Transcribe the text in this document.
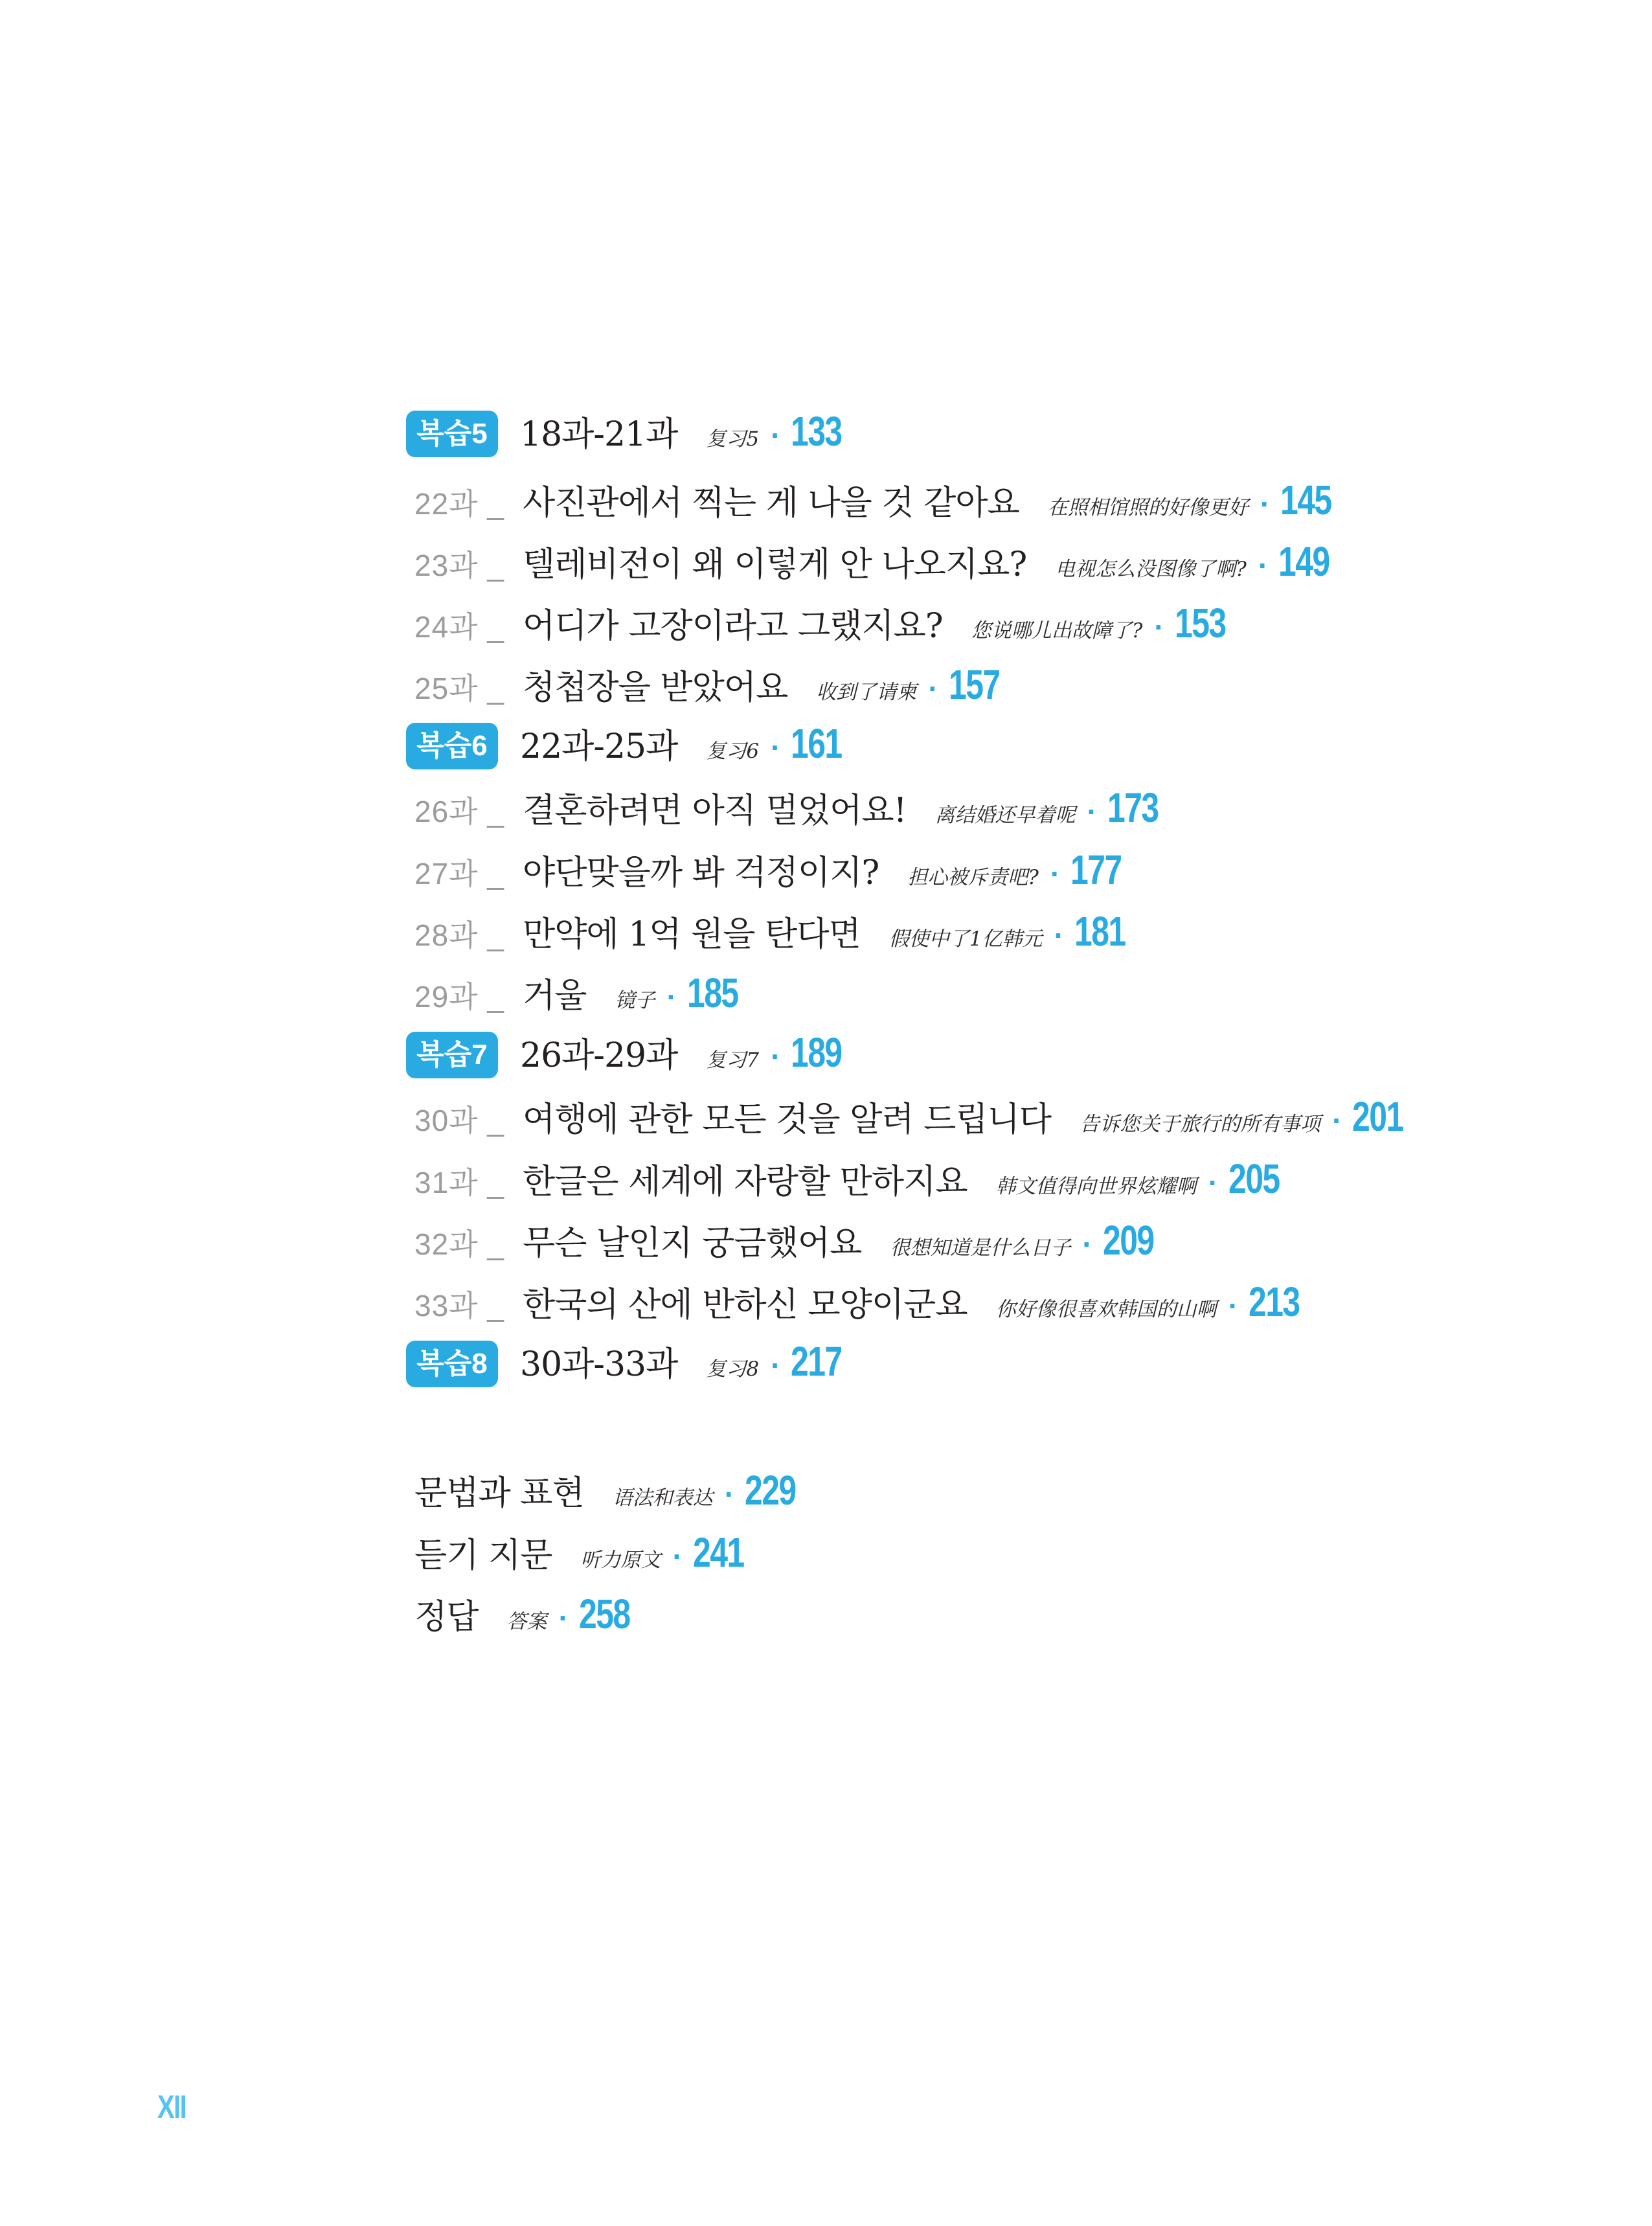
복습5 18과-21과 复习5 · 133
22과 _ 사진관에서 찍는 게 나을 것 같아요 在照相馆照的好像更好 · 145
23과 _ 텔레비전이 왜 이렇게 안 나오지요? 电视怎么没图像了啊? · 149
24과 _ 어디가 고장이라고 그랬지요? 您说哪儿出故障了? · 153
25과 _ 청첩장을 받았어요 收到了请柬 · 157
복습6 22과-25과 复习6 · 161
26과 _ 결혼하려면 아직 멀었어요! 离结婚还早着呢 · 173
27과 _ 야단맞을까 봐 걱정이지? 担心被斥责吧? · 177
28과 _ 만약에 1억 원을 탄다면 假使中了1亿韩元 · 181
29과 _ 거울 镜子 · 185
복습7 26과-29과 复习7 · 189
30과 _ 여행에 관한 모든 것을 알려 드립니다 告诉您关于旅行的所有事项 · 201
31과 _ 한글은 세계에 자랑할 만하지요 韩文值得向世界炫耀啊 · 205
32과 _ 무슨 날인지 궁금했어요 很想知道是什么日子 · 209
33과 _ 한국의 산에 반하신 모양이군요 你好像很喜欢韩国的山啊 · 213
복습8 30과-33과 复习8 · 217
문법과 표현 语法和表达 · 229
듣기 지문 听力原文 · 241
정답 答案 · 258
XII
